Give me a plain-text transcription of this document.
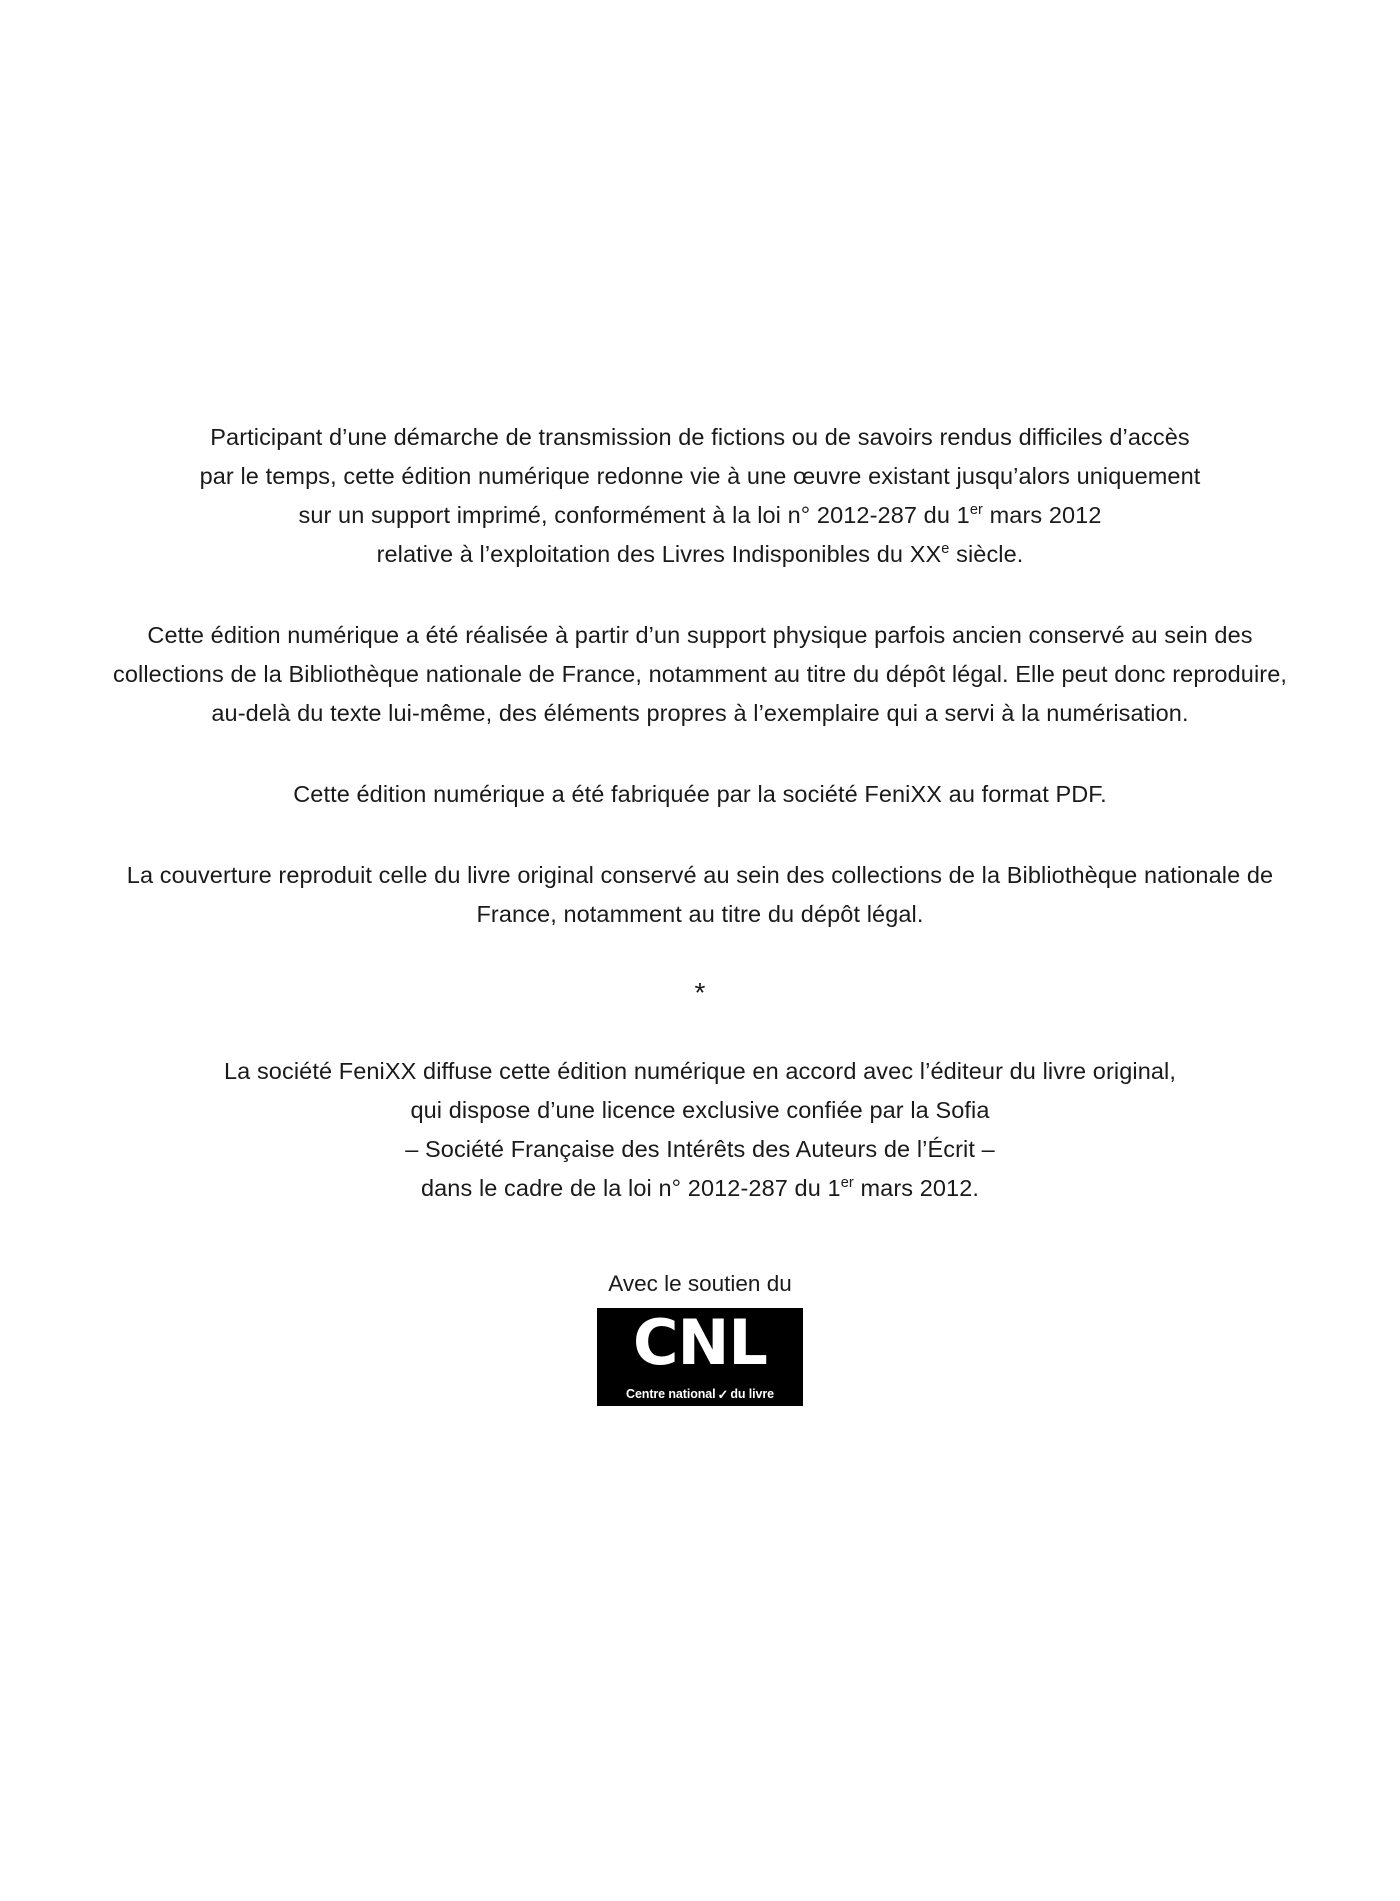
Participant d’une démarche de transmission de fictions ou de savoirs rendus difficiles d’accès
par le temps, cette édition numérique redonne vie à une œuvre existant jusqu’alors uniquement
sur un support imprimé, conformément à la loi n° 2012-287 du 1er mars 2012
relative à l’exploitation des Livres Indisponibles du XXe siècle.

Cette édition numérique a été réalisée à partir d’un support physique parfois ancien conservé au sein des collections de la Bibliothèque nationale de France, notamment au titre du dépôt légal. Elle peut donc reproduire, au-delà du texte lui-même, des éléments propres à l’exemplaire qui a servi à la numérisation.

Cette édition numérique a été fabriquée par la société FeniXX au format PDF.

La couverture reproduit celle du livre original conservé au sein des collections de la Bibliothèque nationale de France, notamment au titre du dépôt légal.

*

La société FeniXX diffuse cette édition numérique en accord avec l’éditeur du livre original,
qui dispose d’une licence exclusive confiée par la Sofia
– Société Française des Intérêts des Auteurs de l’Écrit –
dans le cadre de la loi n° 2012-287 du 1er mars 2012.

Avec le soutien du
CNL
Centre national ✓ du livre
